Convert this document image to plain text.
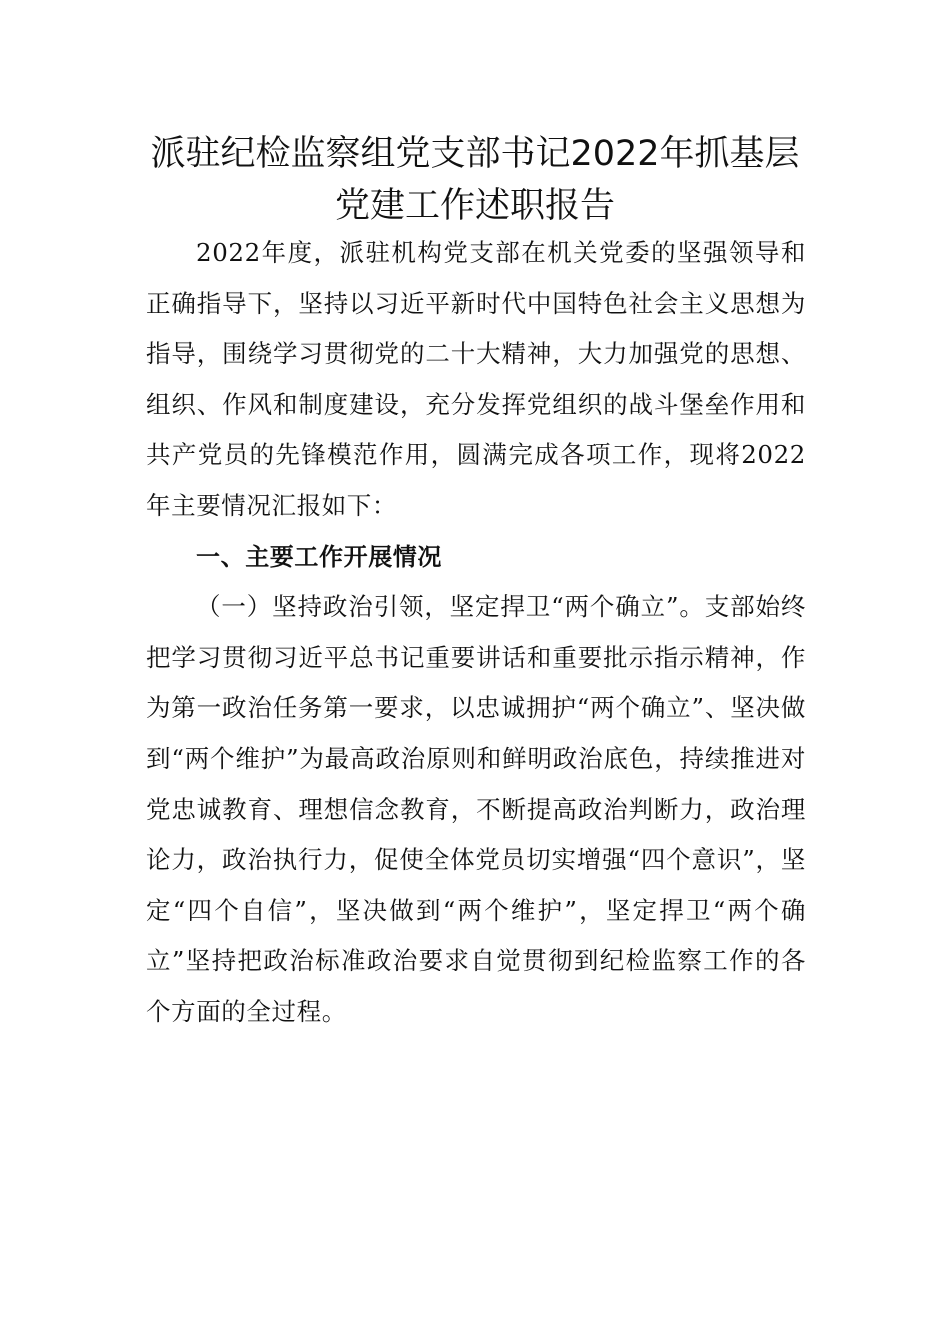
派驻纪检监察组党支部书记2022年抓基层
党建工作述职报告

2022年度，派驻机构党支部在机关党委的坚强领导和正确指导下，坚持以习近平新时代中国特色社会主义思想为指导，围绕学习贯彻党的二十大精神，大力加强党的思想、组织、作风和制度建设，充分发挥党组织的战斗堡垒作用和共产党员的先锋模范作用，圆满完成各项工作，现将2022年主要情况汇报如下：

一、主要工作开展情况

（一）坚持政治引领，坚定捍卫“两个确立”。支部始终把学习贯彻习近平总书记重要讲话和重要批示指示精神，作为第一政治任务第一要求，以忠诚拥护“两个确立”、坚决做到“两个维护”为最高政治原则和鲜明政治底色，持续推进对党忠诚教育、理想信念教育，不断提高政治判断力，政治理论力，政治执行力，促使全体党员切实增强“四个意识”，坚定“四个自信”，坚决做到“两个维护”，坚定捍卫“两个确立”坚持把政治标准政治要求自觉贯彻到纪检监察工作的各个方面的全过程。
